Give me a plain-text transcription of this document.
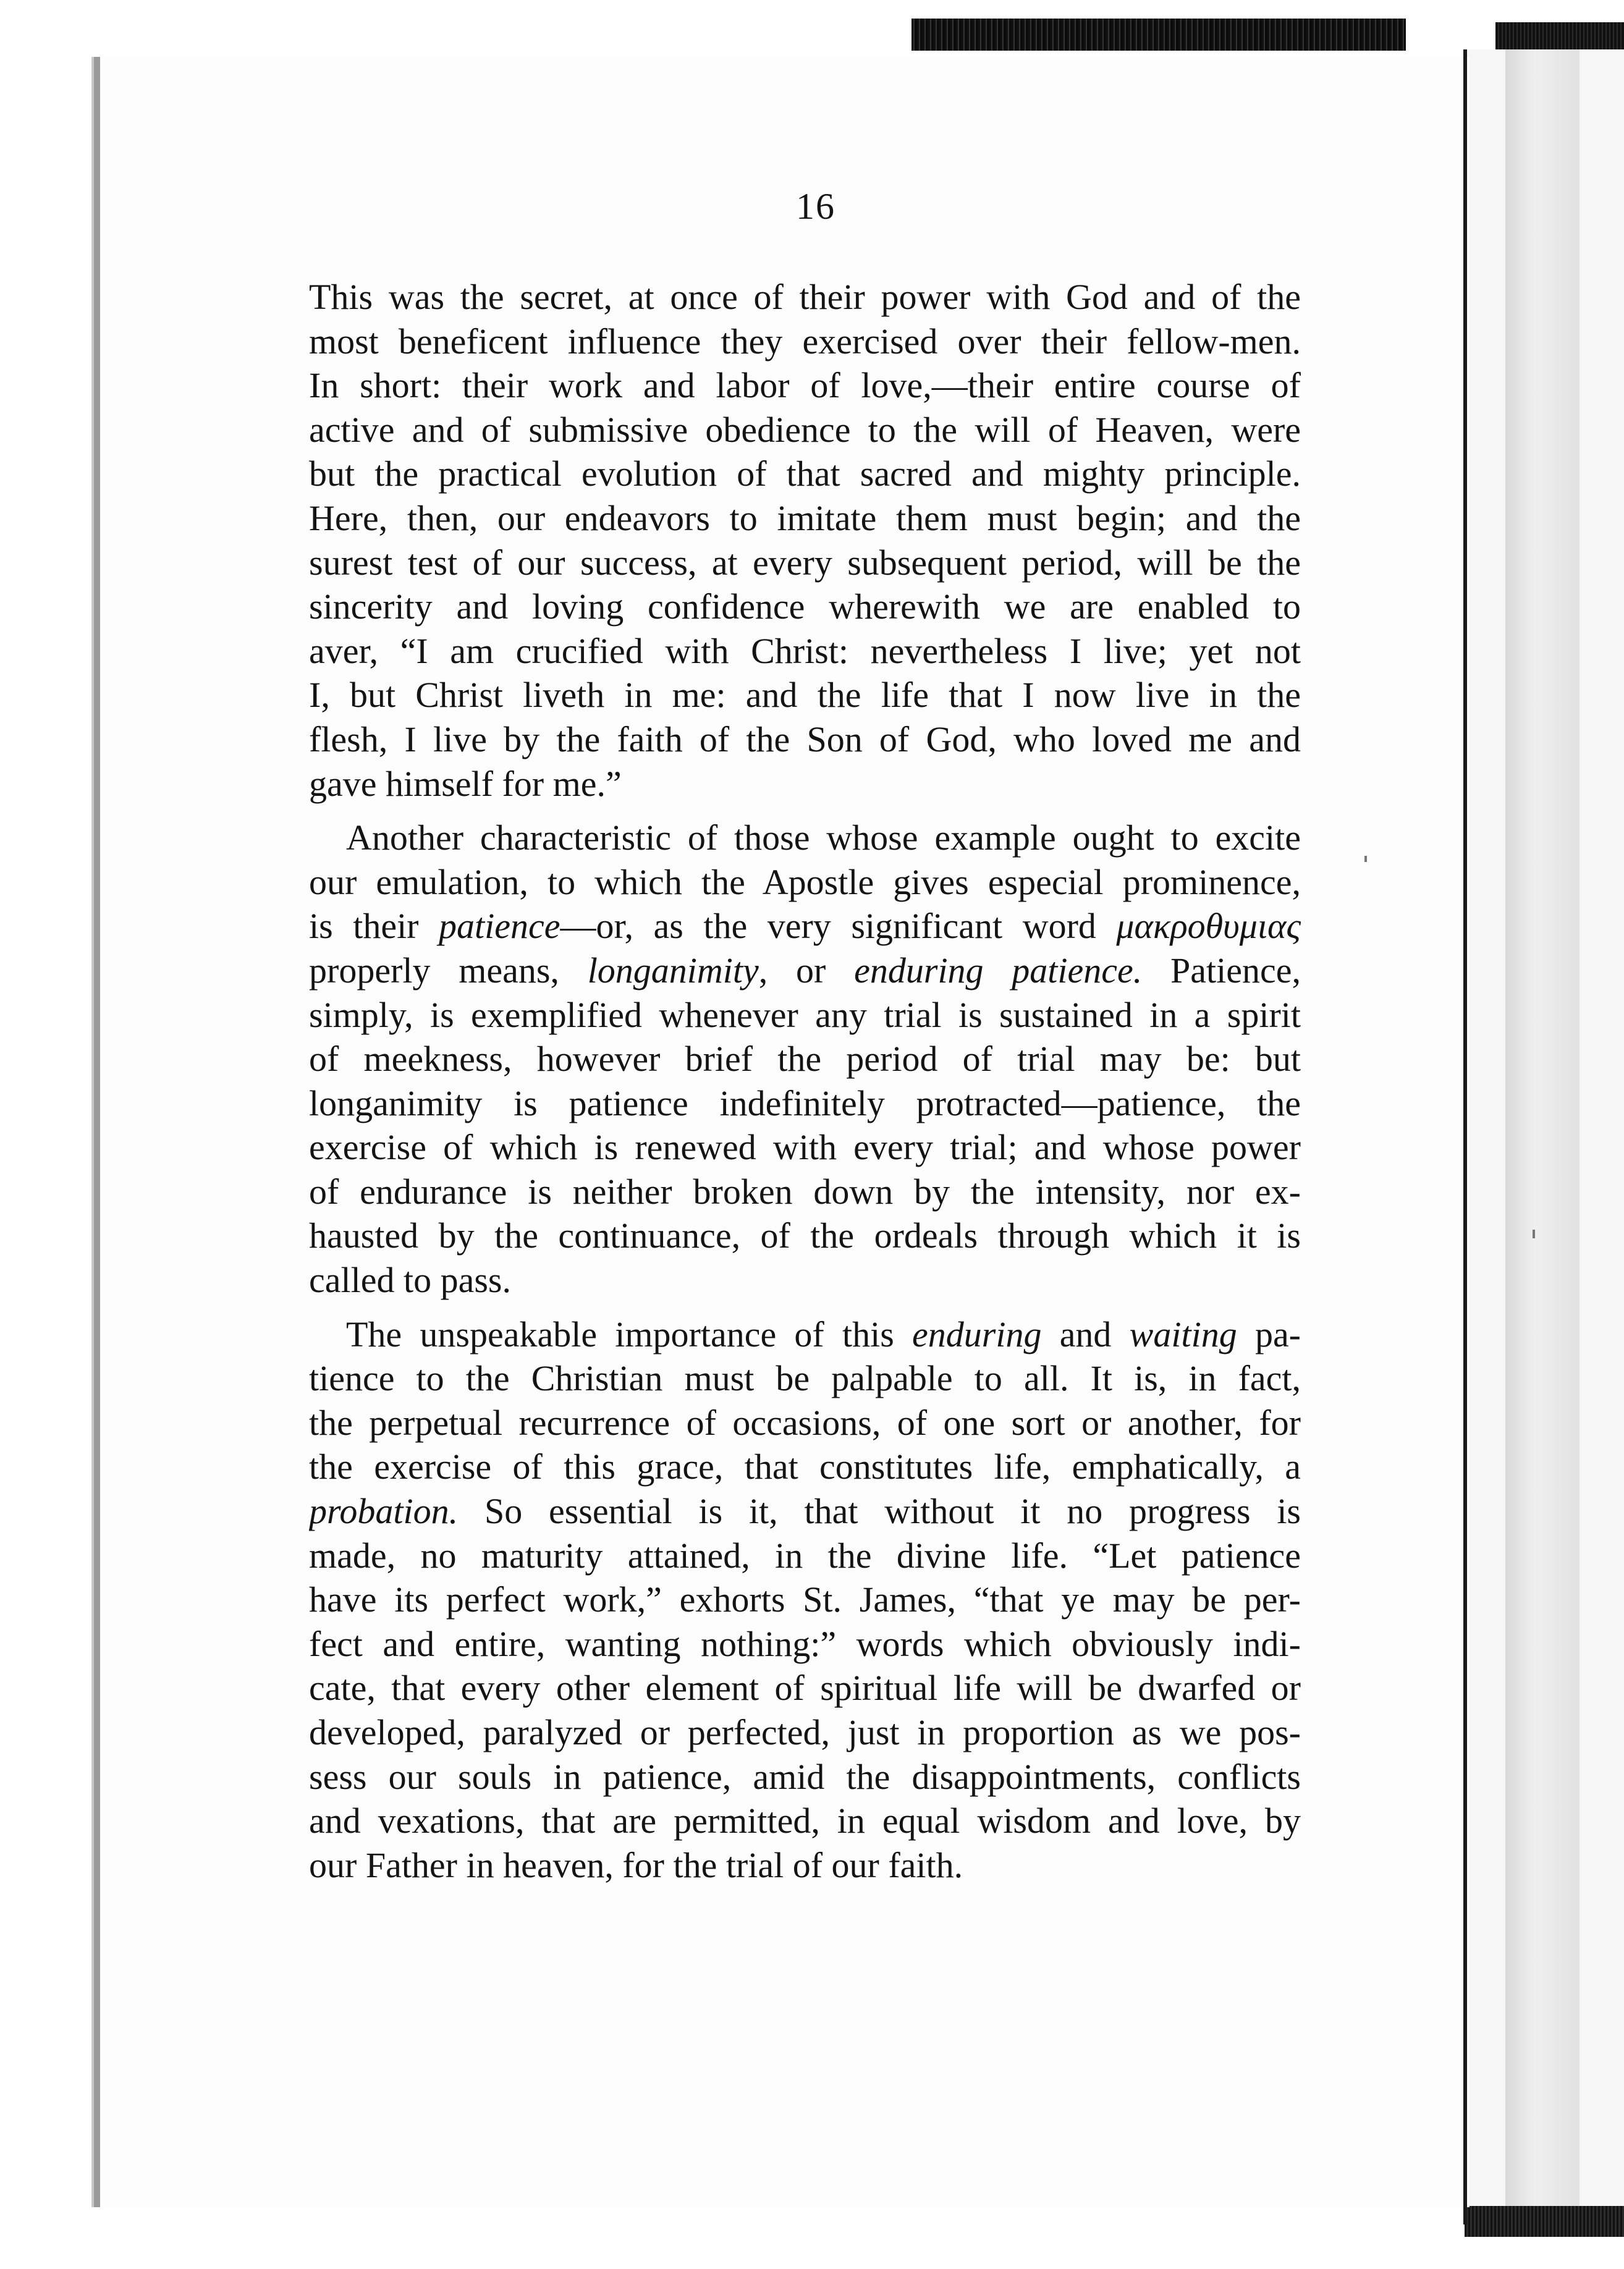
16
This was the secret, at once of their power with God and of the
most beneficent influence they exercised over their fellow-men.
In short: their work and labor of love,—their entire course of
active and of submissive obedience to the will of Heaven, were
but the practical evolution of that sacred and mighty principle.
Here, then, our endeavors to imitate them must begin; and the
surest test of our success, at every subsequent period, will be the
sincerity and loving confidence wherewith we are enabled to
aver, “I am crucified with Christ: nevertheless I live; yet not
I, but Christ liveth in me: and the life that I now live in the
flesh, I live by the faith of the Son of God, who loved me and
gave himself for me.”
Another characteristic of those whose example ought to excite
our emulation, to which the Apostle gives especial prominence,
is their patience—or, as the very significant word μακροθυμιας
properly means, longanimity, or enduring patience. Patience,
simply, is exemplified whenever any trial is sustained in a spirit
of meekness, however brief the period of trial may be: but
longanimity is patience indefinitely protracted—patience, the
exercise of which is renewed with every trial; and whose power
of endurance is neither broken down by the intensity, nor ex-
hausted by the continuance, of the ordeals through which it is
called to pass.
The unspeakable importance of this enduring and waiting pa-
tience to the Christian must be palpable to all. It is, in fact,
the perpetual recurrence of occasions, of one sort or another, for
the exercise of this grace, that constitutes life, emphatically, a
probation. So essential is it, that without it no progress is
made, no maturity attained, in the divine life. “Let patience
have its perfect work,” exhorts St. James, “that ye may be per-
fect and entire, wanting nothing:” words which obviously indi-
cate, that every other element of spiritual life will be dwarfed or
developed, paralyzed or perfected, just in proportion as we pos-
sess our souls in patience, amid the disappointments, conflicts
and vexations, that are permitted, in equal wisdom and love, by
our Father in heaven, for the trial of our faith.
